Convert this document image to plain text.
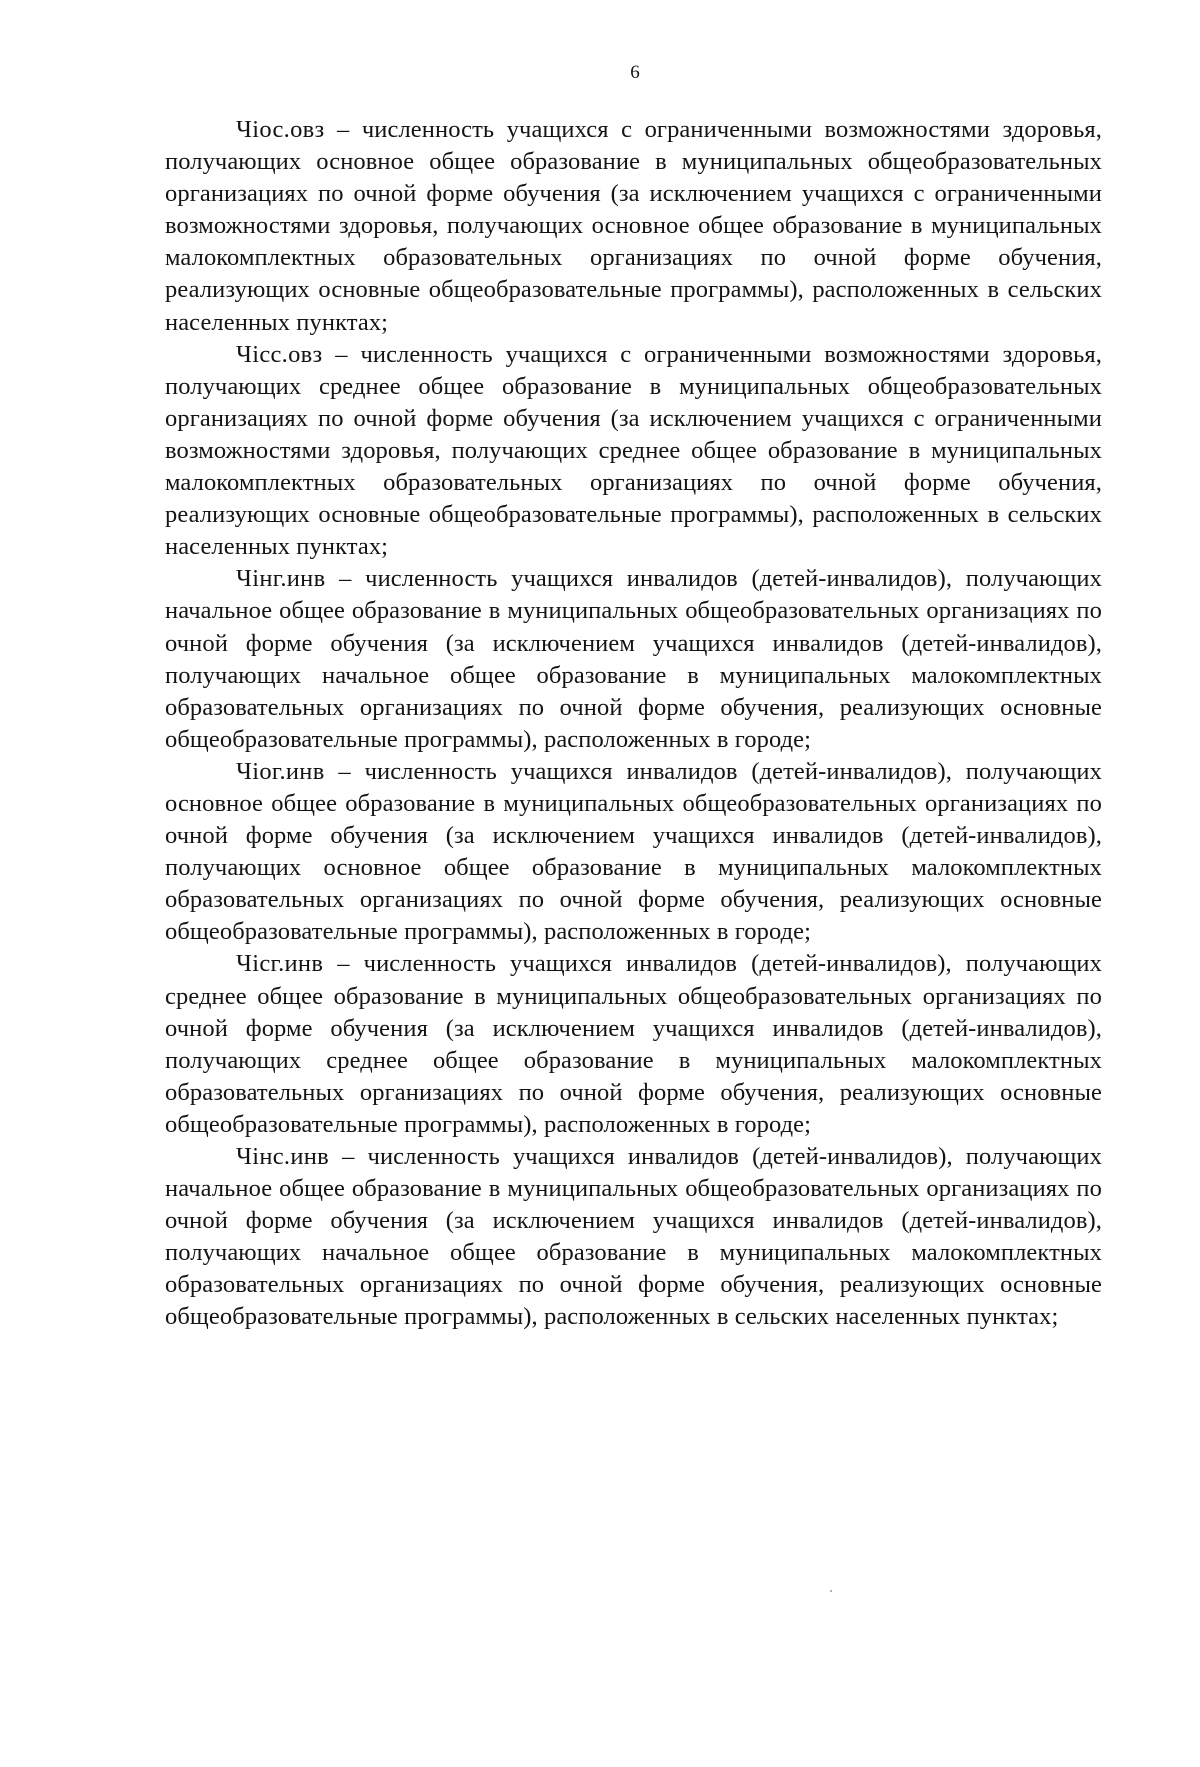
6

Чiос.овз – численность учащихся с ограниченными возможностями здоровья, получающих основное общее образование в муниципальных общеобразовательных организациях по очной форме обучения (за исключением учащихся с ограниченными возможностями здоровья, получающих основное общее образование в муниципальных малокомплектных образовательных организациях по очной форме обучения, реализующих основные общеобразовательные программы), расположенных в сельских населенных пунктах;

Чiсс.овз – численность учащихся с ограниченными возможностями здоровья, получающих среднее общее образование в муниципальных общеобразовательных организациях по очной форме обучения (за исключением учащихся с ограниченными возможностями здоровья, получающих среднее общее образование в муниципальных малокомплектных образовательных организациях по очной форме обучения, реализующих основные общеобразовательные программы), расположенных в сельских населенных пунктах;

Чiнг.инв – численность учащихся инвалидов (детей-инвалидов), получающих начальное общее образование в муниципальных общеобразовательных организациях по очной форме обучения (за исключением учащихся инвалидов (детей-инвалидов), получающих начальное общее образование в муниципальных малокомплектных образовательных организациях по очной форме обучения, реализующих основные общеобразовательные программы), расположенных в городе;

Чiог.инв – численность учащихся инвалидов (детей-инвалидов), получающих основное общее образование в муниципальных общеобразовательных организациях по очной форме обучения (за исключением учащихся инвалидов (детей-инвалидов), получающих основное общее образование в муниципальных малокомплектных образовательных организациях по очной форме обучения, реализующих основные общеобразовательные программы), расположенных в городе;

Чiсг.инв – численность учащихся инвалидов (детей-инвалидов), получающих среднее общее образование в муниципальных общеобразовательных организациях по очной форме обучения (за исключением учащихся инвалидов (детей-инвалидов), получающих среднее общее образование в муниципальных малокомплектных образовательных организациях по очной форме обучения, реализующих основные общеобразовательные программы), расположенных в городе;

Чiнс.инв – численность учащихся инвалидов (детей-инвалидов), получающих начальное общее образование в муниципальных общеобразовательных организациях по очной форме обучения (за исключением учащихся инвалидов (детей-инвалидов), получающих начальное общее образование в муниципальных малокомплектных образовательных организациях по очной форме обучения, реализующих основные общеобразовательные программы), расположенных в сельских населенных пунктах;
